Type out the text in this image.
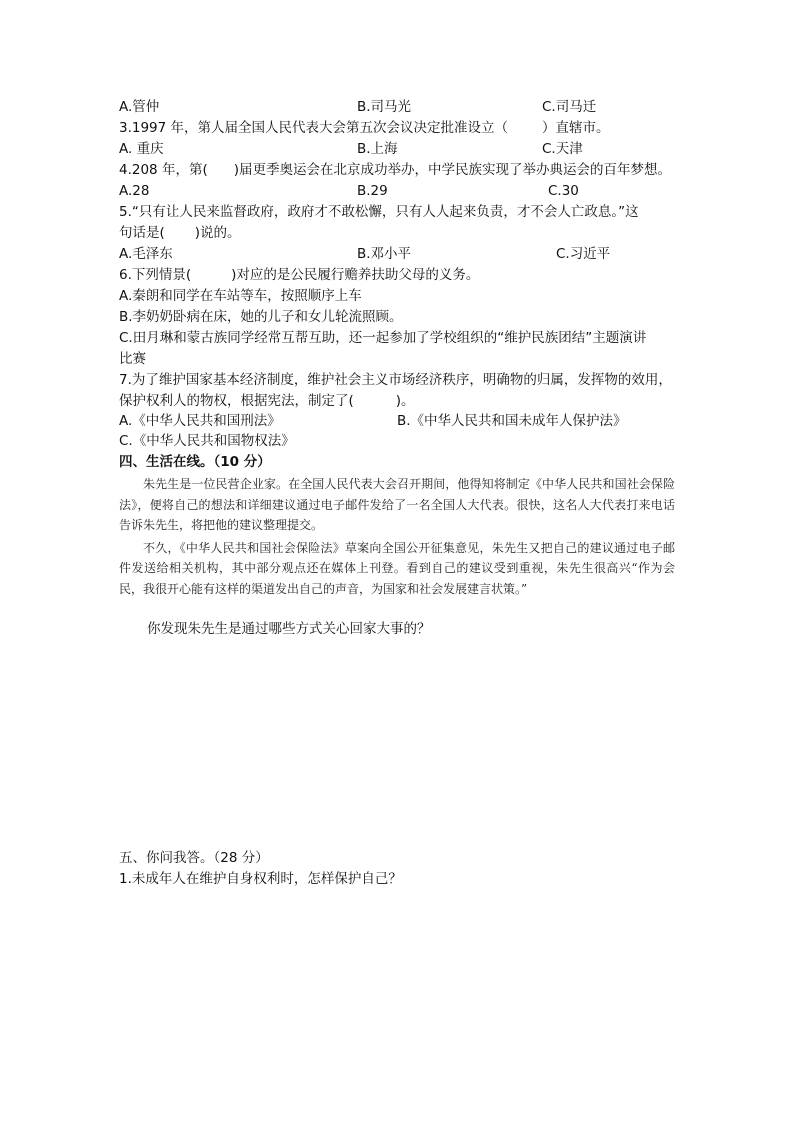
A.管仲	B.司马光	C.司马迁
3.1997 年，第人届全国人民代表大会第五次会议决定批准设立（	）直辖市。
A. 重庆	B.上海	C.天津
4.208 年，第( )届更季奥运会在北京成功举办，中学民族实现了举办典运会的百年梦想。
A.28	B.29	C.30
5.“只有让人民来监督政府，政府才不敢松懈，只有人人起来负责，才不会人亡政息。”这
句话是( )说的。
A.毛泽东	B.邓小平	C.习近平
6.下列情景(	)对应的是公民履行赡养扶助父母的义务。
A.秦朗和同学在车站等车，按照顺序上车
B.李奶奶卧病在床，她的儿子和女儿轮流照顾。
C.田月琳和蒙古族同学经常互帮互助，还一起参加了学校组织的“维护民族团结”主题演讲
比赛
7.为了维护国家基本经济制度，维护社会主义市场经济秩序，明确物的归属，发挥物的效用，
保护权利人的物权，根据宪法，制定了(	)。
A.《中华人民共和国刑法》	B.《中华人民共和国未成年人保护法》
C.《中华人民共和国物权法》
四、生活在线。（10 分）

朱先生是一位民营企业家。在全国人民代表大会召开期间，他得知将制定《中华人民共和国社会保险法》，便将自己的想法和详细建议通过电子邮件发给了一名全国人大代表。很快，这名人大代表打来电话告诉朱先生，将把他的建议整理提交。

不久，《中华人民共和国社会保险法》草案向全国公开征集意见，朱先生又把自己的建议通过电子邮件发送给相关机构，其中部分观点还在媒体上刊登。看到自己的建议受到重视，朱先生很高兴“作为会民，我很开心能有这样的渠道发出自己的声音，为国家和社会发展建言状策。”

你发现朱先生是通过哪些方式关心回家大事的？
五、你问我答。（28 分）
1.未成年人在维护自身权利时，怎样保护自己？
